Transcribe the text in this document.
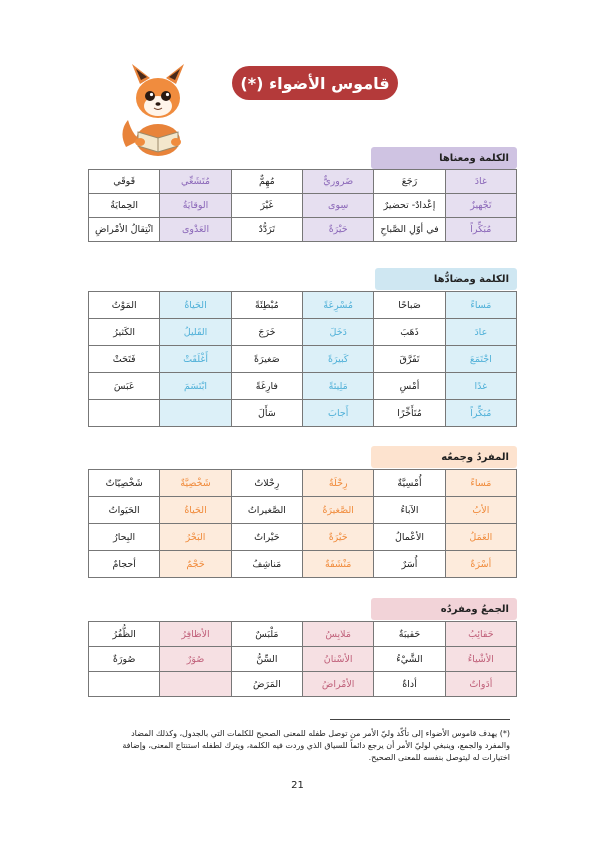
قاموس الأضواء (*)
الكلمة ومعناها
غادَ	رَجَعَ	ضَروريٌّ	مُهِمٌّ	مُتَشَعِّي	قَوقَي
تَجْهيزٌ	إعْدادٌ- تحضيرٌ	سِوى	غَيْرَ	الوقايَةُ	الحِمايَةُ
مُبَكِّراً	في أوّلِ الصَّباحِ	حَيْرَةٌ	تَرَدُّدٌ	العَدْوى	انْتِقالُ الأمْراضِ
الكلمة ومضادُّها
مَساءً	صَباحًا	مُسْرِعَةً	مُبْطِئَةً	الحَياةُ	المَوْتُ
عادَ	ذَهَبَ	دَخَلَ	خَرَجَ	القَليلُ	الكَثيرُ
اجْتَمَعَ	تَفَرَّقَ	كَبيرَةً	صَغيرَةً	أَغْلَقَتْ	فَتَحَتْ
غدًا	أمْسِ	مَلِيئةً	فارِغَةً	ابْتَسَمَ	عَبَسَ
مُبَكِّراً	مُتَأَخِّرًا	أَجابَ	سَأَلَ		
المفردُ وجمعُه
مَساءً	أُمْسِيَّةٌ	رِحْلَةٌ	رِحْلاتٌ	شَخْصِيَّةٌ	شَخْصِيّاتٌ
الأبُ	الآباءُ	الصَّغيرَةُ	الصَّغيراتُ	الحَياةُ	الحَيَواتُ
العَمَلُ	الأعْمالُ	حَيْرَةٌ	حَيْراتٌ	البَحْرُ	البِحارُ
أسْرَةٌ	أُسَرٌ	مَنْشَفَةٌ	مَناشِفُ	حَجْمٌ	أحجامٌ
الجمعُ ومفردُه
حَقائِبُ	حَقيبَةٌ	مَلابِسُ	مَلْبَسٌ	الأظافِرُ	الظُّفُرُ
الأشْياءُ	الشَّيْءُ	الأسْنانُ	السِّنُّ	صُوَرٌ	صُورَةٌ
أدَواتٌ	أداةٌ	الأمْراضُ	المَرَضُ		
(*) يهدف قاموس الأضواء إلى تأكّد وليّ الأمر من توصل طفله للمعنى الصحيح للكلمات التي بالجدول، وكذلك المضاد والمفرد والجمع، وينبغي لوليّ الأمر أن يرجع دائماً للسياق الذي وردت فيه الكلمة، ويترك لطفله استنتاج المعنى، وإضافة اختيارات له ليتوصل بنفسه للمعنى الصحيح.
21
